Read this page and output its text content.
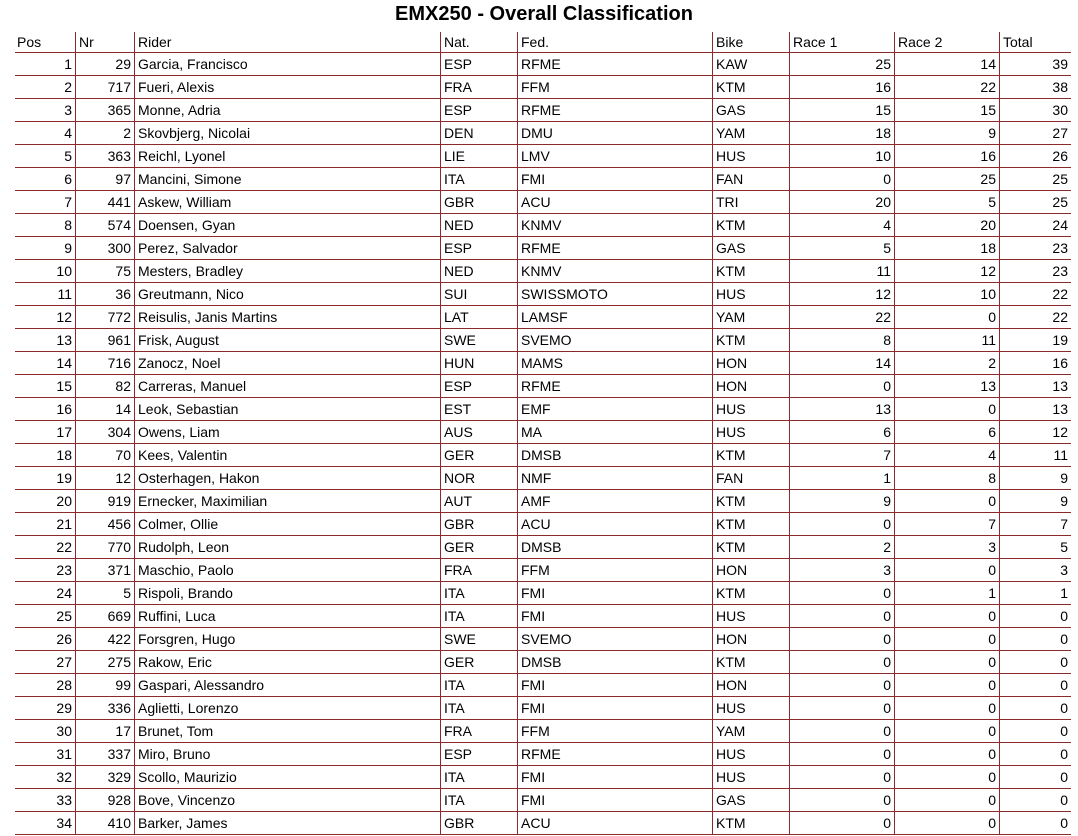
EMX250 - Overall Classification
Pos	Nr	Rider	Nat.	Fed.	Bike	Race 1	Race 2	Total
1	29	Garcia, Francisco	ESP	RFME	KAW	25	14	39
2	717	Fueri, Alexis	FRA	FFM	KTM	16	22	38
3	365	Monne, Adria	ESP	RFME	GAS	15	15	30
4	2	Skovbjerg, Nicolai	DEN	DMU	YAM	18	9	27
5	363	Reichl, Lyonel	LIE	LMV	HUS	10	16	26
6	97	Mancini, Simone	ITA	FMI	FAN	0	25	25
7	441	Askew, William	GBR	ACU	TRI	20	5	25
8	574	Doensen, Gyan	NED	KNMV	KTM	4	20	24
9	300	Perez, Salvador	ESP	RFME	GAS	5	18	23
10	75	Mesters, Bradley	NED	KNMV	KTM	11	12	23
11	36	Greutmann, Nico	SUI	SWISSMOTO	HUS	12	10	22
12	772	Reisulis, Janis Martins	LAT	LAMSF	YAM	22	0	22
13	961	Frisk, August	SWE	SVEMO	KTM	8	11	19
14	716	Zanocz, Noel	HUN	MAMS	HON	14	2	16
15	82	Carreras, Manuel	ESP	RFME	HON	0	13	13
16	14	Leok, Sebastian	EST	EMF	HUS	13	0	13
17	304	Owens, Liam	AUS	MA	HUS	6	6	12
18	70	Kees, Valentin	GER	DMSB	KTM	7	4	11
19	12	Osterhagen, Hakon	NOR	NMF	FAN	1	8	9
20	919	Ernecker, Maximilian	AUT	AMF	KTM	9	0	9
21	456	Colmer, Ollie	GBR	ACU	KTM	0	7	7
22	770	Rudolph, Leon	GER	DMSB	KTM	2	3	5
23	371	Maschio, Paolo	FRA	FFM	HON	3	0	3
24	5	Rispoli, Brando	ITA	FMI	KTM	0	1	1
25	669	Ruffini, Luca	ITA	FMI	HUS	0	0	0
26	422	Forsgren, Hugo	SWE	SVEMO	HON	0	0	0
27	275	Rakow, Eric	GER	DMSB	KTM	0	0	0
28	99	Gaspari, Alessandro	ITA	FMI	HON	0	0	0
29	336	Aglietti, Lorenzo	ITA	FMI	HUS	0	0	0
30	17	Brunet, Tom	FRA	FFM	YAM	0	0	0
31	337	Miro, Bruno	ESP	RFME	HUS	0	0	0
32	329	Scollo, Maurizio	ITA	FMI	HUS	0	0	0
33	928	Bove, Vincenzo	ITA	FMI	GAS	0	0	0
34	410	Barker, James	GBR	ACU	KTM	0	0	0
